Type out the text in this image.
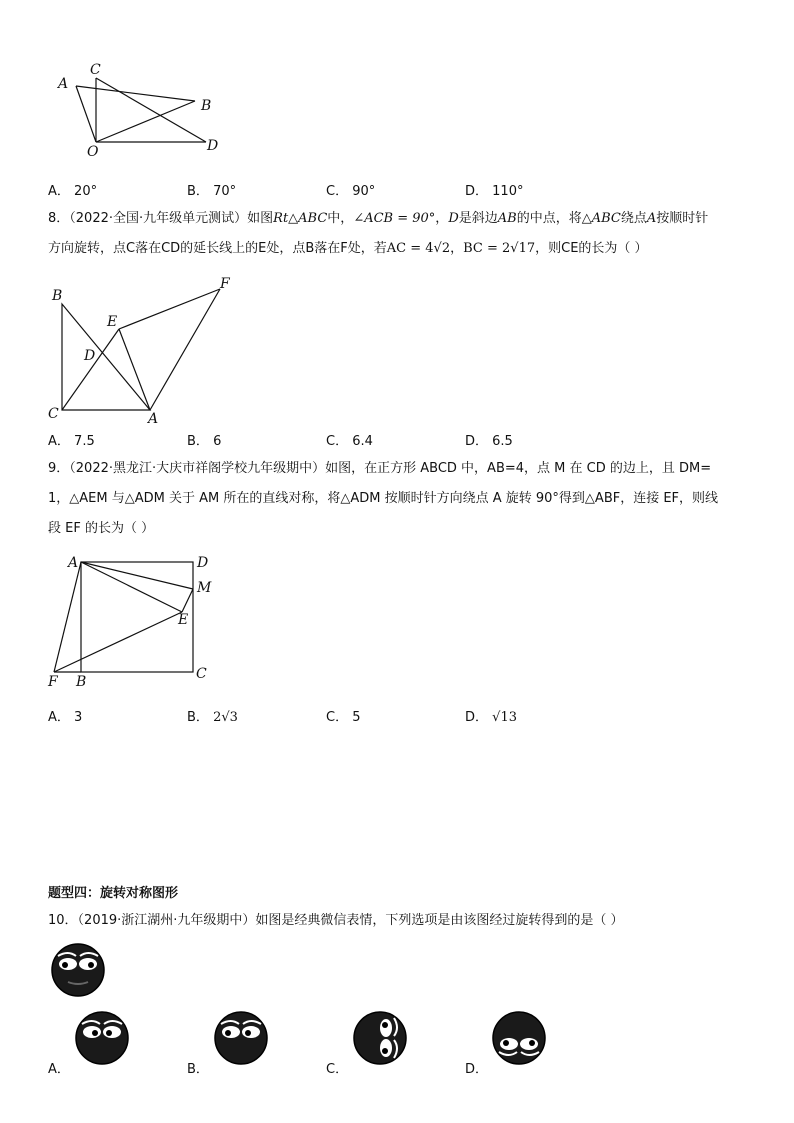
A
C
B
D
O
A． 20°	B． 70°	C． 90°	D． 110°
8．（2022·全国·九年级单元测试）如图Rt△ABC中，∠ACB = 90°，D是斜边AB的中点，将△ABC绕点A按顺时针
方向旋转，点C落在CD的延长线上的E处，点B落在F处，若AC = 4√2，BC = 2√17，则CE的长为（ ）
B
F
E
D
C	A
A． 7.5	B． 6	C． 6.4	D． 6.5
9．（2022·黑龙江·大庆市祥阁学校九年级期中）如图，在正方形 ABCD 中，AB=4，点 M 在 CD 的边上，且 DM=
1，△AEM 与△ADM 关于 AM 所在的直线对称，将△ADM 按顺时针方向绕点 A 旋转 90°得到△ABF，连接 EF，则线
段 EF 的长为（ ）
A	D
M
E
C
F B
A． 3	B． 2√3	C． 5	D． √13
题型四：旋转对称图形
10．（2019·浙江湖州·九年级期中）如图是经典微信表情，下列选项是由该图经过旋转得到的是（ ）
A．	B．	C．	D．
